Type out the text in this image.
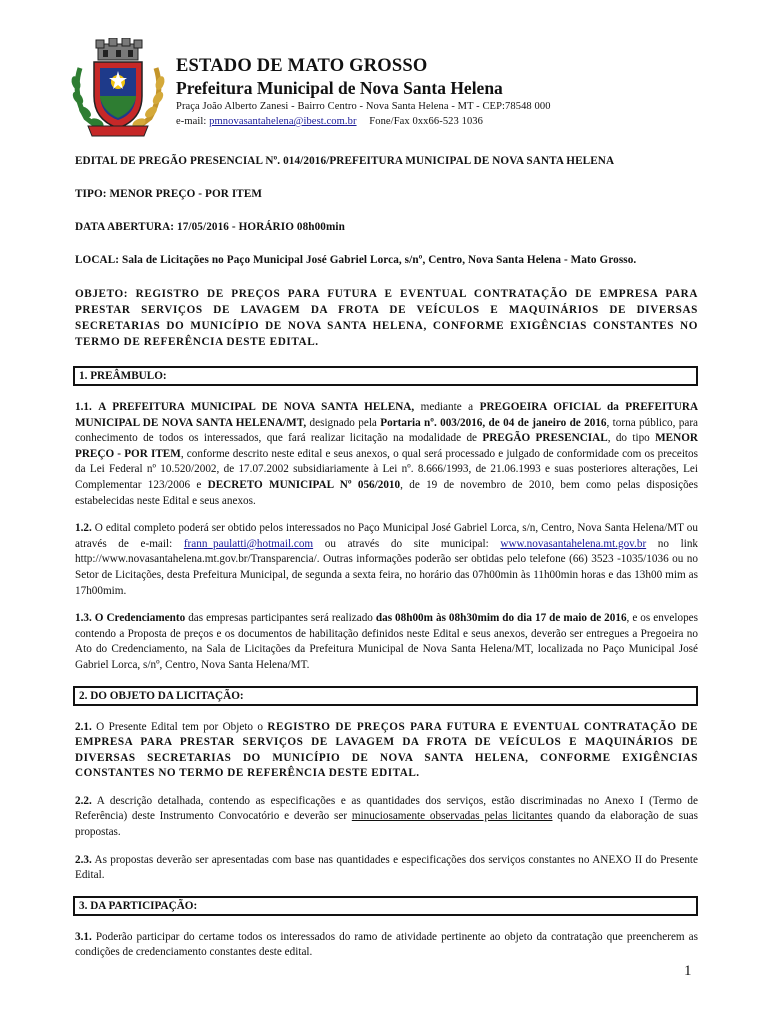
ESTADO DE MATO GROSSO
Prefeitura Municipal de Nova Santa Helena
Praça João Alberto Zanesi - Bairro Centro - Nova Santa Helena - MT - CEP:78548 000
e-mail: pmnovasantahelena@ibest.com.br Fone/Fax 0xx66-523 1036
EDITAL DE PREGÃO PRESENCIAL Nº. 014/2016/PREFEITURA MUNICIPAL DE NOVA SANTA HELENA
TIPO: MENOR PREÇO - POR ITEM
DATA ABERTURA: 17/05/2016 - HORÁRIO 08h00min
LOCAL: Sala de Licitações no Paço Municipal José Gabriel Lorca, s/nº, Centro, Nova Santa Helena - Mato Grosso.
OBJETO: REGISTRO DE PREÇOS PARA FUTURA E EVENTUAL CONTRATAÇÃO DE EMPRESA PARA PRESTAR SERVIÇOS DE LAVAGEM DA FROTA DE VEÍCULOS E MAQUINÁRIOS DE DIVERSAS SECRETARIAS DO MUNICÍPIO DE NOVA SANTA HELENA, CONFORME EXIGÊNCIAS CONSTANTES NO TERMO DE REFERÊNCIA DESTE EDITAL.
1. PREÂMBULO:

1.1. A PREFEITURA MUNICIPAL DE NOVA SANTA HELENA, mediante a PREGOEIRA OFICIAL da PREFEITURA MUNICIPAL DE NOVA SANTA HELENA/MT, designado pela Portaria nº. 003/2016, de 04 de janeiro de 2016, torna público, para conhecimento de todos os interessados, que fará realizar licitação na modalidade de PREGÃO PRESENCIAL, do tipo MENOR PREÇO - POR ITEM, conforme descrito neste edital e seus anexos, o qual será processado e julgado de conformidade com os preceitos da Lei Federal nº 10.520/2002, de 17.07.2002 subsidiariamente à Lei nº. 8.666/1993, de 21.06.1993 e suas posteriores alterações, Lei Complementar 123/2006 e DECRETO MUNICIPAL Nº 056/2010, de 19 de novembro de 2010, bem como pelas disposições estabelecidas neste Edital e seus anexos.

1.2. O edital completo poderá ser obtido pelos interessados no Paço Municipal José Gabriel Lorca, s/n, Centro, Nova Santa Helena/MT ou através de e-mail: frann_paulatti@hotmail.com ou através do site municipal: www.novasantahelena.mt.gov.br no link http://www.novasantahelena.mt.gov.br/Transparencia/. Outras informações poderão ser obtidas pelo telefone (66) 3523 -1035/1036 ou no Setor de Licitações, desta Prefeitura Municipal, de segunda a sexta feira, no horário das 07h00min às 11h00min horas e das 13h00 mim as 17h00mim.

1.3. O Credenciamento das empresas participantes será realizado das 08h00m às 08h30mim do dia 17 de maio de 2016, e os envelopes contendo a Proposta de preços e os documentos de habilitação definidos neste Edital e seus anexos, deverão ser entregues a Pregoeira no Ato do Credenciamento, na Sala de Licitações da Prefeitura Municipal de Nova Santa Helena/MT, localizada no Paço Municipal José Gabriel Lorca, s/nº, Centro, Nova Santa Helena/MT.

2. DO OBJETO DA LICITAÇÃO:

2.1. O Presente Edital tem por Objeto o REGISTRO DE PREÇOS PARA FUTURA E EVENTUAL CONTRATAÇÃO DE EMPRESA PARA PRESTAR SERVIÇOS DE LAVAGEM DA FROTA DE VEÍCULOS E MAQUINÁRIOS DE DIVERSAS SECRETARIAS DO MUNICÍPIO DE NOVA SANTA HELENA, CONFORME EXIGÊNCIAS CONSTANTES NO TERMO DE REFERÊNCIA DESTE EDITAL.

2.2. A descrição detalhada, contendo as especificações e as quantidades dos serviços, estão discriminadas no Anexo I (Termo de Referência) deste Instrumento Convocatório e deverão ser minuciosamente observadas pelas licitantes quando da elaboração de suas propostas.

2.3. As propostas deverão ser apresentadas com base nas quantidades e especificações dos serviços constantes no ANEXO II do Presente Edital.

3. DA PARTICIPAÇÃO:

3.1. Poderão participar do certame todos os interessados do ramo de atividade pertinente ao objeto da contratação que preencherem as condições de credenciamento constantes deste edital.

1
